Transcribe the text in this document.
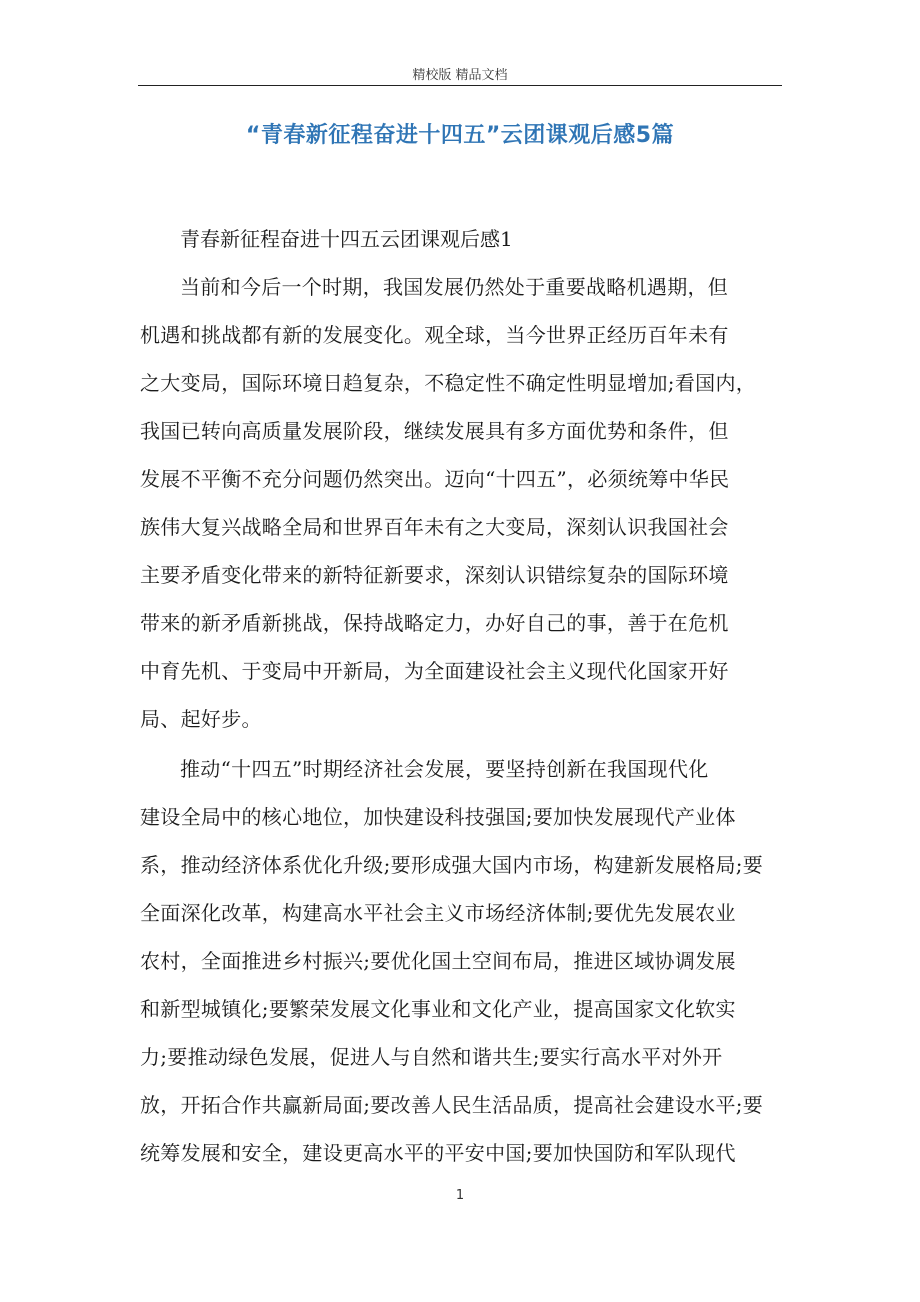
精校版 精品文档
“青春新征程奋进十四五”云团课观后感5篇
青春新征程奋进十四五云团课观后感1
当前和今后一个时期，我国发展仍然处于重要战略机遇期，但
机遇和挑战都有新的发展变化。观全球，当今世界正经历百年未有
之大变局，国际环境日趋复杂，不稳定性不确定性明显增加;看国内，
我国已转向高质量发展阶段，继续发展具有多方面优势和条件，但
发展不平衡不充分问题仍然突出。迈向“十四五”，必须统筹中华民
族伟大复兴战略全局和世界百年未有之大变局，深刻认识我国社会
主要矛盾变化带来的新特征新要求，深刻认识错综复杂的国际环境
带来的新矛盾新挑战，保持战略定力，办好自己的事，善于在危机
中育先机、于变局中开新局，为全面建设社会主义现代化国家开好
局、起好步。
推动“十四五”时期经济社会发展，要坚持创新在我国现代化
建设全局中的核心地位，加快建设科技强国;要加快发展现代产业体
系，推动经济体系优化升级;要形成强大国内市场，构建新发展格局;要
全面深化改革，构建高水平社会主义市场经济体制;要优先发展农业
农村，全面推进乡村振兴;要优化国土空间布局，推进区域协调发展
和新型城镇化;要繁荣发展文化事业和文化产业，提高国家文化软实
力;要推动绿色发展，促进人与自然和谐共生;要实行高水平对外开
放，开拓合作共赢新局面;要改善人民生活品质，提高社会建设水平;要
统筹发展和安全，建设更高水平的平安中国;要加快国防和军队现代
1
